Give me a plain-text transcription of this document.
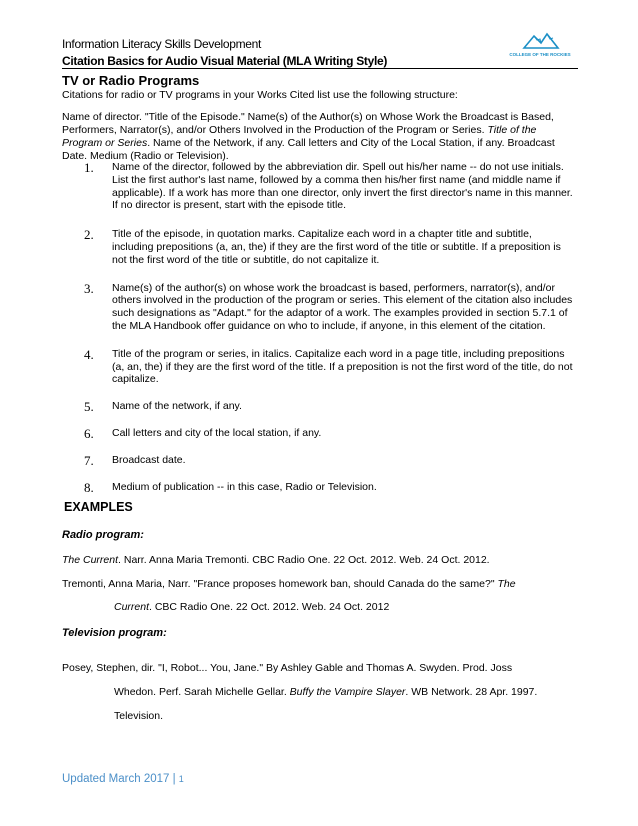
Information Literacy Skills Development
Citation Basics for Audio Visual Material (MLA Writing Style)	COLLEGE OF THE ROCKIES
TV or Radio Programs
Citations for radio or TV programs in your Works Cited list use the following structure:
Name of director. "Title of the Episode." Name(s) of the Author(s) on Whose Work the Broadcast is Based, Performers, Narrator(s), and/or Others Involved in the Production of the Program or Series. Title of the Program or Series. Name of the Network, if any. Call letters and City of the Local Station, if any. Broadcast Date. Medium (Radio or Television).
1.	Name of the director, followed by the abbreviation dir. Spell out his/her name -- do not use initials. List the first author's last name, followed by a comma then his/her first name (and middle name if applicable). If a work has more than one director, only invert the first director's name in this manner. If no director is present, start with the episode title.
2.	Title of the episode, in quotation marks. Capitalize each word in a chapter title and subtitle, including prepositions (a, an, the) if they are the first word of the title or subtitle. If a preposition is not the first word of the title or subtitle, do not capitalize it.
3.	Name(s) of the author(s) on whose work the broadcast is based, performers, narrator(s), and/or others involved in the production of the program or series. This element of the citation also includes such designations as "Adapt." for the adaptor of a work. The examples provided in section 5.7.1 of the MLA Handbook offer guidance on who to include, if anyone, in this element of the citation.
4.	Title of the program or series, in italics. Capitalize each word in a page title, including prepositions (a, an, the) if they are the first word of the title. If a preposition is not the first word of the title, do not capitalize.
5.	Name of the network, if any.
6.	Call letters and city of the local station, if any.
7.	Broadcast date.
8.	Medium of publication -- in this case, Radio or Television.
EXAMPLES
Radio program:
The Current. Narr. Anna Maria Tremonti. CBC Radio One. 22 Oct. 2012. Web. 24 Oct. 2012.
Tremonti, Anna Maria, Narr. "France proposes homework ban, should Canada do the same?" The
Current. CBC Radio One. 22 Oct. 2012. Web. 24 Oct. 2012
Television program:
Posey, Stephen, dir. "I, Robot... You, Jane." By Ashley Gable and Thomas A. Swyden. Prod. Joss
Whedon. Perf. Sarah Michelle Gellar. Buffy the Vampire Slayer. WB Network. 28 Apr. 1997.
Television.
Updated March 2017 | 1
